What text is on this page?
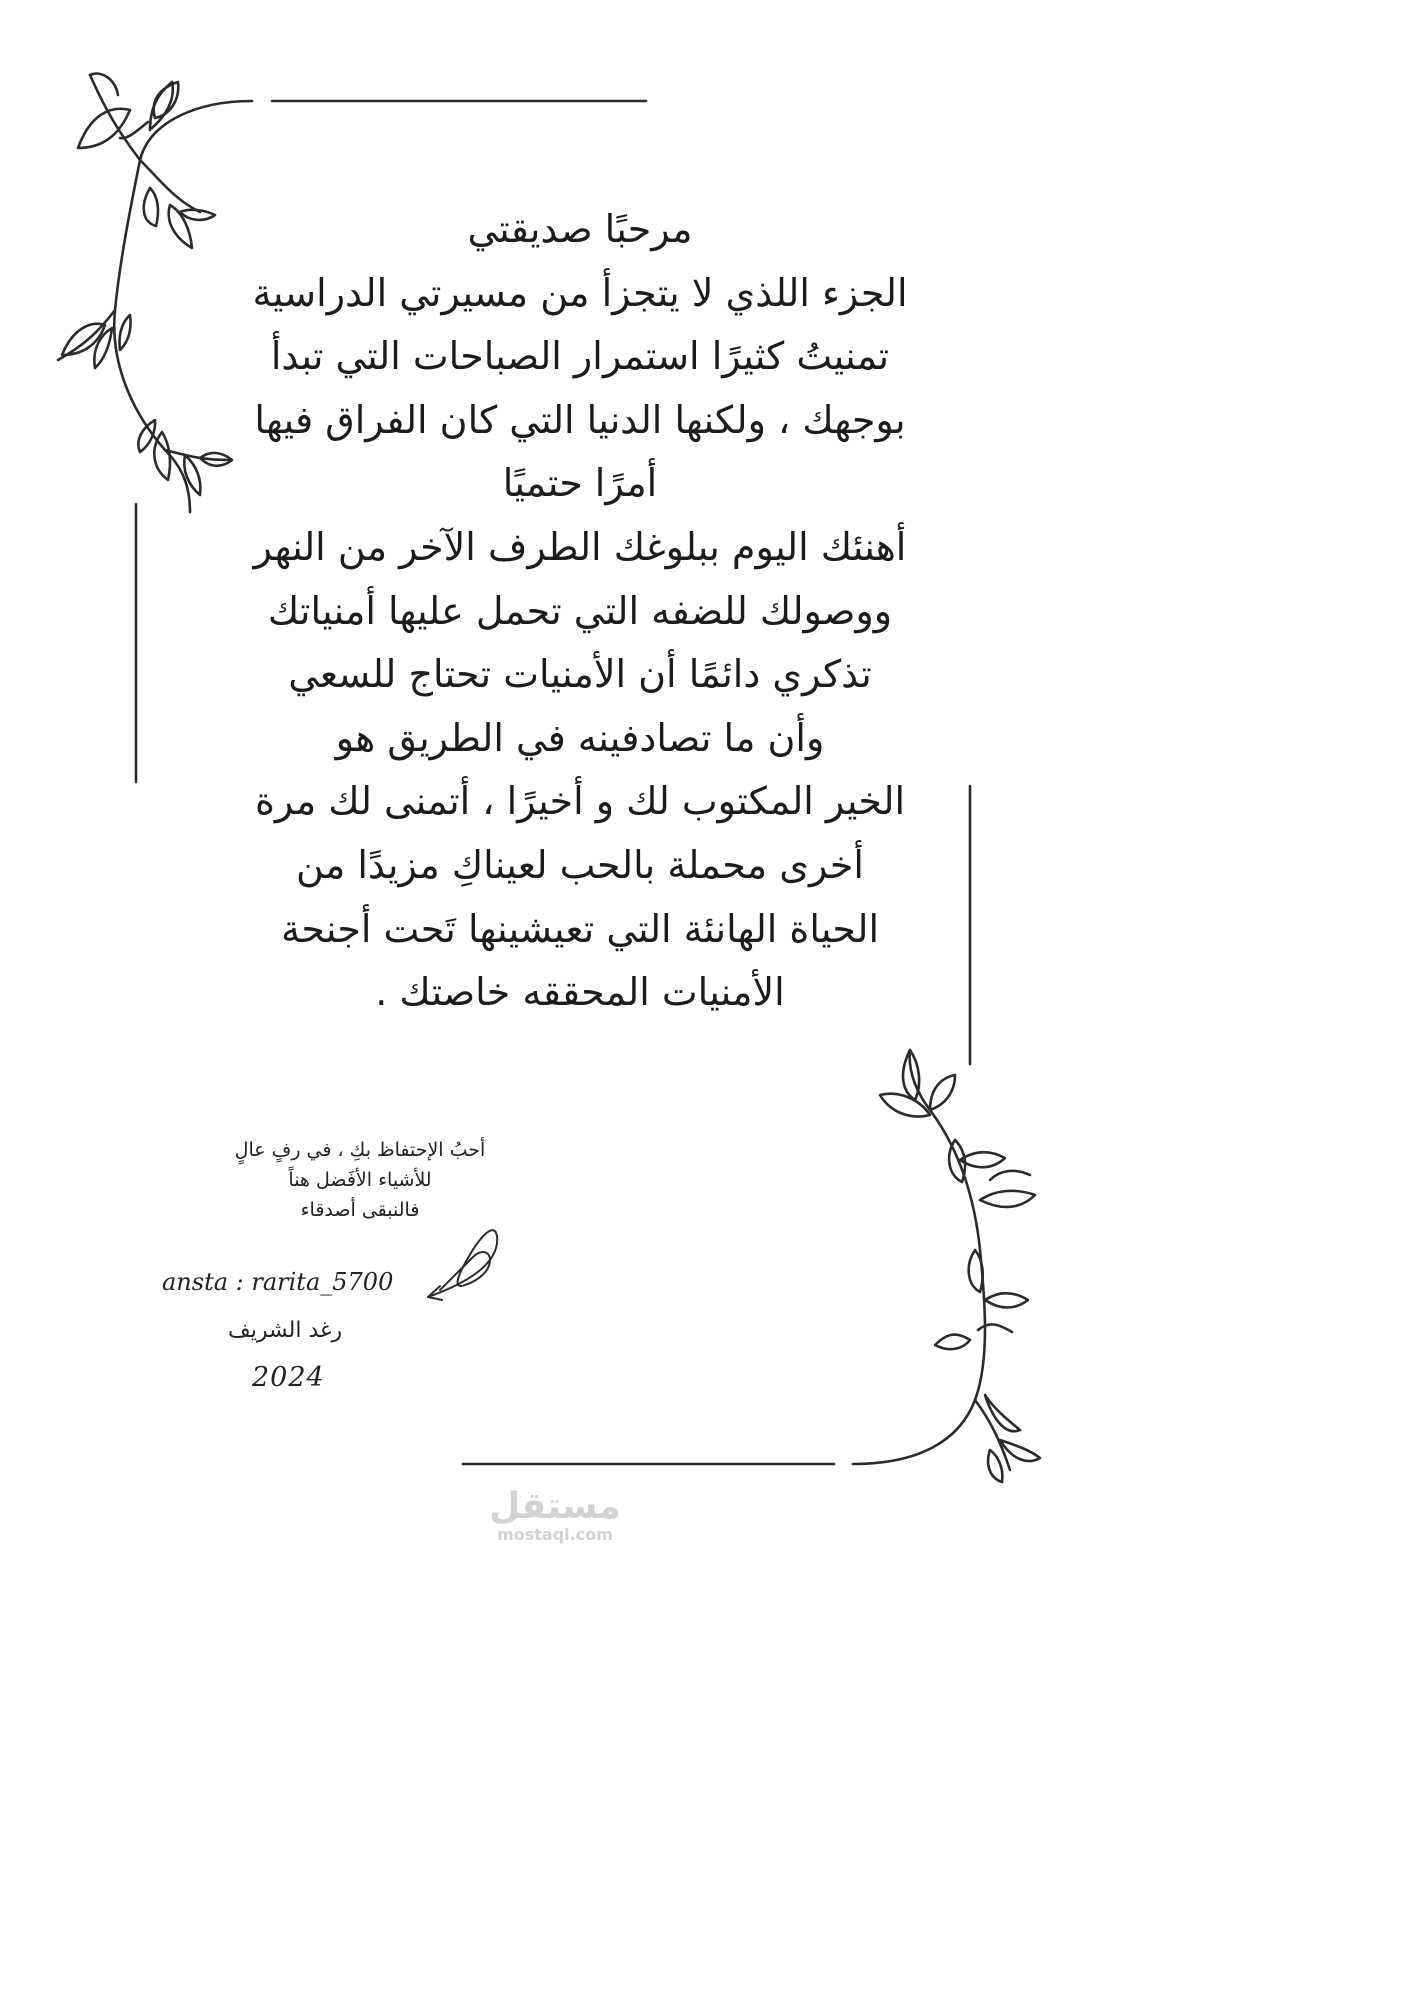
مرحبًا صديقتي
الجزء اللذي لا يتجزأ من مسيرتي الدراسية
تمنيتُ كثيرًا استمرار الصباحات التي تبدأ
بوجهك ، ولكنها الدنيا التي كان الفراق فيها
أمرًا حتميًا
أهنئك اليوم ببلوغك الطرف الآخر من النهر
ووصولك للضفه التي تحمل عليها أمنياتك
تذكري دائمًا أن الأمنيات تحتاج للسعي
وأن ما تصادفينه في الطريق هو
الخير المكتوب لك و أخيرًا ، أتمنى لك مرة
أخرى محملة بالحب لعيناكِ مزيدًا من
الحياة الهانئة التي تعيشينها تَحت أجنحة
الأمنيات المحققه خاصتك .
أحبُ الإحتفاظ بكِ ، في رفٍ عالٍ
للأشياء الأفَضل هناً
فالنبقى أصدقاء
ansta : rarita_5700
رغد الشريف
2024
مستقل
mostaql.com
